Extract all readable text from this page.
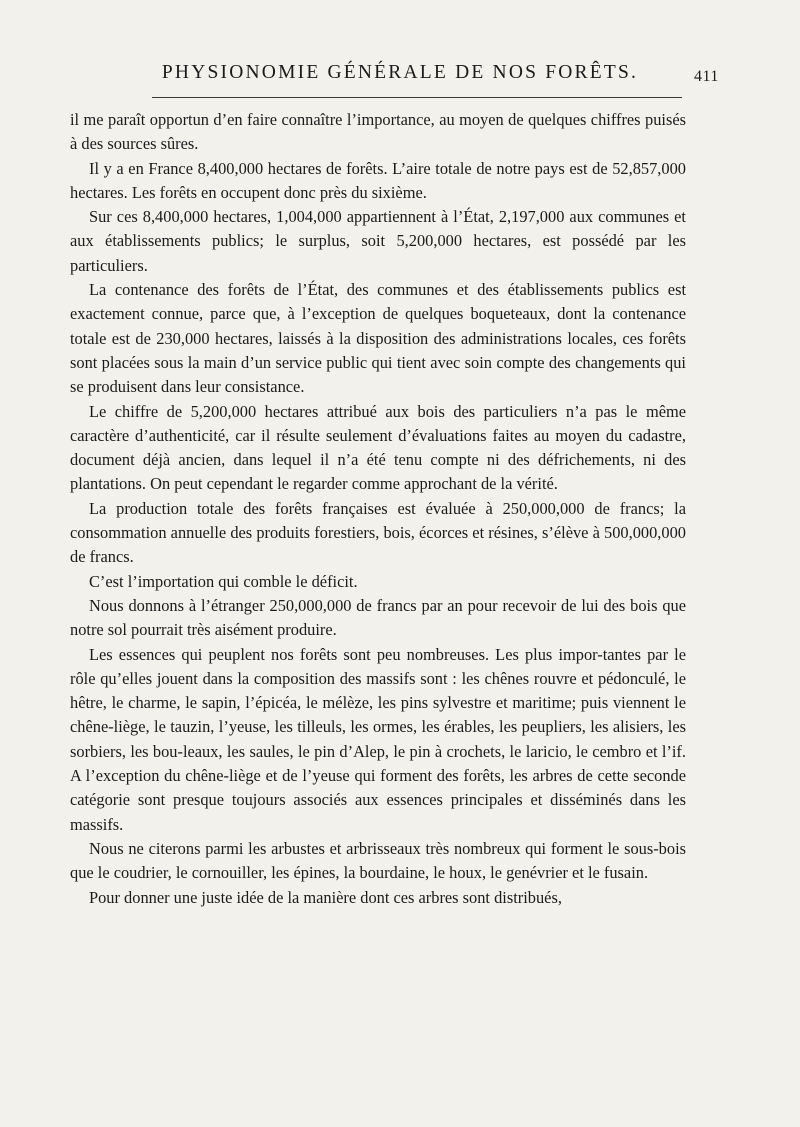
PHYSIONOMIE GÉNÉRALE DE NOS FORÊTS.	411

il me paraît opportun d’en faire connaître l’importance, au moyen de quelques chiffres puisés à des sources sûres.

Il y a en France 8,400,000 hectares de forêts. L’aire totale de notre pays est de 52,857,000 hectares. Les forêts en occupent donc près du sixième.

Sur ces 8,400,000 hectares, 1,004,000 appartiennent à l’État, 2,197,000 aux communes et aux établissements publics; le surplus, soit 5,200,000 hectares, est possédé par les particuliers.

La contenance des forêts de l’État, des communes et des établissements publics est exactement connue, parce que, à l’exception de quelques boqueteaux, dont la contenance totale est de 230,000 hectares, laissés à la disposition des administrations locales, ces forêts sont placées sous la main d’un service public qui tient avec soin compte des changements qui se produisent dans leur consistance.

Le chiffre de 5,200,000 hectares attribué aux bois des particuliers n’a pas le même caractère d’authenticité, car il résulte seulement d’évaluations faites au moyen du cadastre, document déjà ancien, dans lequel il n’a été tenu compte ni des défrichements, ni des plantations. On peut cependant le regarder comme approchant de la vérité.

La production totale des forêts françaises est évaluée à 250,000,000 de francs; la consommation annuelle des produits forestiers, bois, écorces et résines, s’élève à 500,000,000 de francs.

C’est l’importation qui comble le déficit.

Nous donnons à l’étranger 250,000,000 de francs par an pour recevoir de lui des bois que notre sol pourrait très aisément produire.

Les essences qui peuplent nos forêts sont peu nombreuses. Les plus impor-tantes par le rôle qu’elles jouent dans la composition des massifs sont : les chênes rouvre et pédonculé, le hêtre, le charme, le sapin, l’épicéa, le mélèze, les pins sylvestre et maritime; puis viennent le chêne-liège, le tauzin, l’yeuse, les tilleuls, les ormes, les érables, les peupliers, les alisiers, les sorbiers, les bou-leaux, les saules, le pin d’Alep, le pin à crochets, le laricio, le cembro et l’if. A l’exception du chêne-liège et de l’yeuse qui forment des forêts, les arbres de cette seconde catégorie sont presque toujours associés aux essences principales et disséminés dans les massifs.

Nous ne citerons parmi les arbustes et arbrisseaux très nombreux qui forment le sous-bois que le coudrier, le cornouiller, les épines, la bourdaine, le houx, le genévrier et le fusain.

Pour donner une juste idée de la manière dont ces arbres sont distribués,
